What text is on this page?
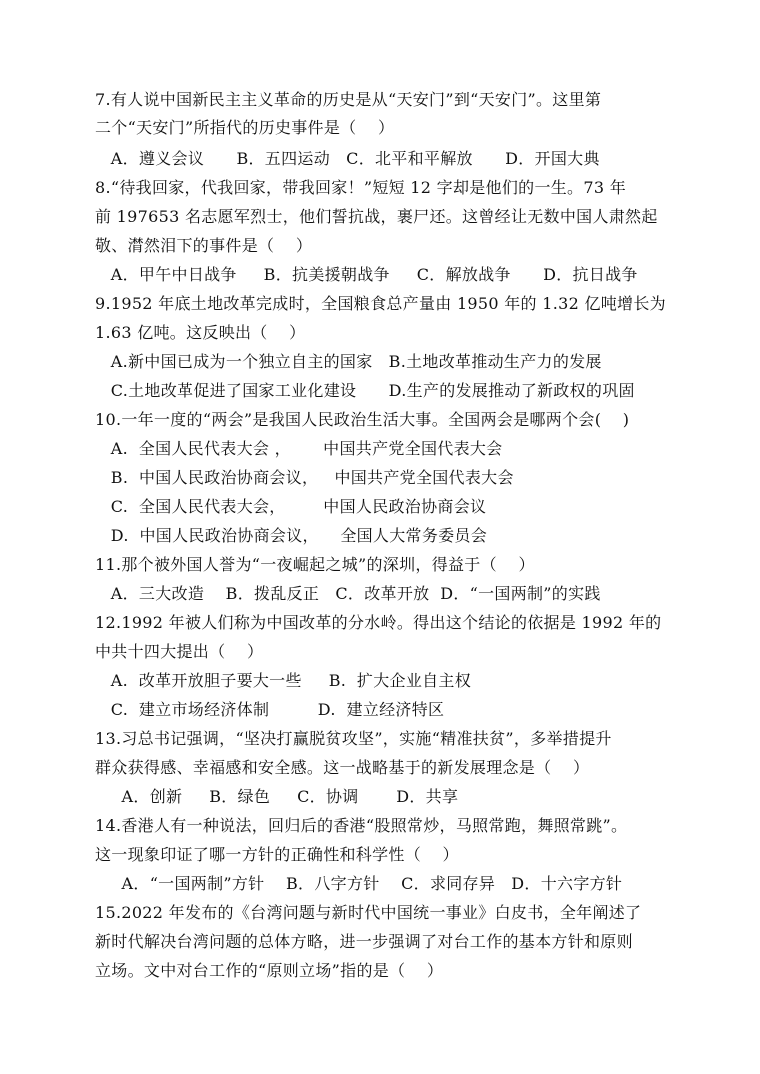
7.有人说中国新民主主义革命的历史是从“天安门”到“天安门”。这里第
二个“天安门”所指代的历史事件是（    ）
A．遵义会议      B．五四运动   C．北平和平解放      D．开国大典
8.“待我回家，代我回家，带我回家！”短短 12 字却是他们的一生。73 年
前 197653 名志愿军烈士，他们誓抗战，裹尸还。这曾经让无数中国人肃然起
敬、潸然泪下的事件是（    ）
A．甲午中日战争     B．抗美援朝战争     C．解放战争      D．抗日战争
9.1952 年底土地改革完成时，全国粮食总产量由 1950 年的 1.32 亿吨增长为
1.63 亿吨。这反映出（    ）
A.新中国已成为一个独立自主的国家   B.土地改革推动生产力的发展
C.土地改革促进了国家工业化建设      D.生产的发展推动了新政权的巩固
10.一年一度的“两会”是我国人民政治生活大事。全国两会是哪两个会(    )
A.  全国人民代表大会 ，      中国共产党全国代表大会
B.  中国人民政治协商会议，   中国共产党全国代表大会
C.  全国人民代表大会，       中国人民政治协商会议
D.  中国人民政治协商会议，    全国人大常务委员会
11.那个被外国人誉为“一夜崛起之城”的深圳，得益于（    ）
A．三大改造    B．拨乱反正   C．改革开放  D．“一国两制”的实践
12.1992 年被人们称为中国改革的分水岭。得出这个结论的依据是 1992 年的
中共十四大提出（    ）
A.  改革开放胆子要大一些     B.  扩大企业自主权
C.  建立市场经济体制         D.  建立经济特区
13.习总书记强调，“坚决打赢脱贫攻坚”，实施“精准扶贫”，多举措提升
群众获得感、幸福感和安全感。这一战略基于的新发展理念是（    ）
A．创新     B．绿色     C．协调       D．共享
14.香港人有一种说法，回归后的香港“股照常炒，马照常跑，舞照常跳”。
这一现象印证了哪一方针的正确性和科学性（    ）
A．“一国两制”方针    B．八字方针    C．求同存异   D．十六字方针
15.2022 年发布的《台湾问题与新时代中国统一事业》白皮书，全年阐述了
新时代解决台湾问题的总体方略，进一步强调了对台工作的基本方针和原则
立场。文中对台工作的“原则立场”指的是（    ）
